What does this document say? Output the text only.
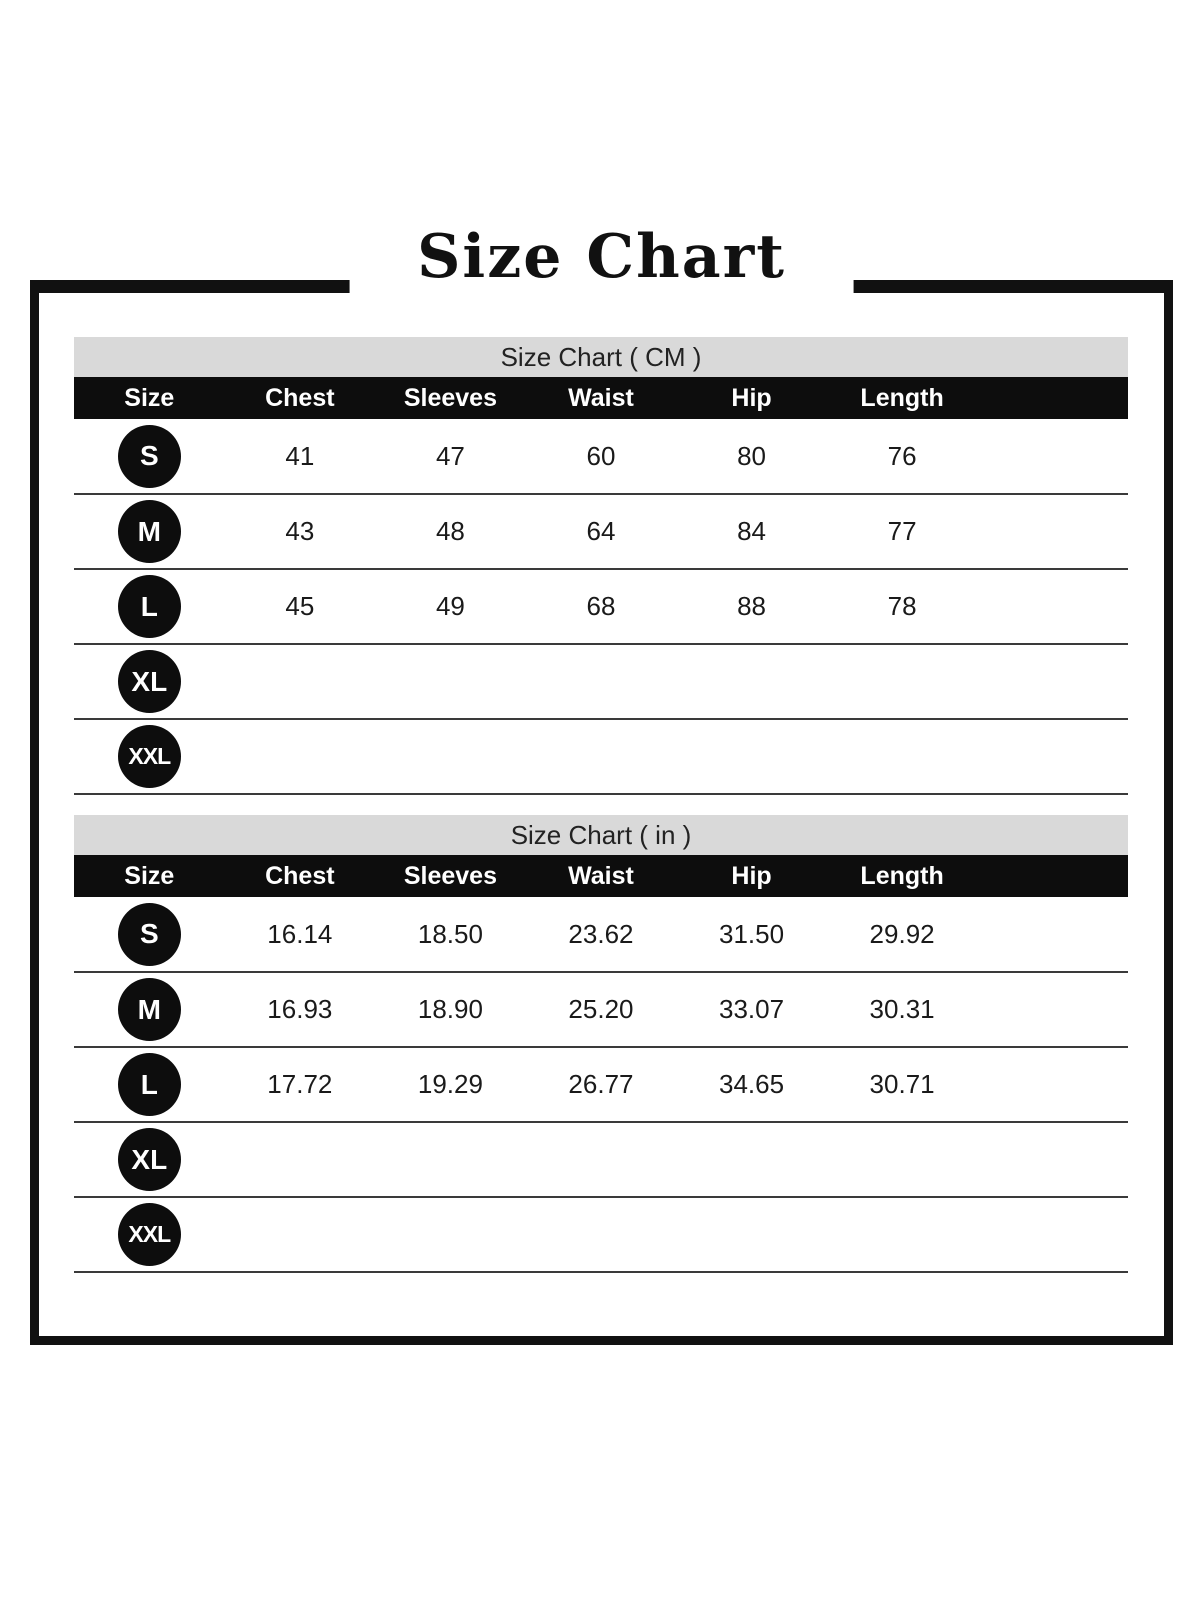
Size Chart
Size Chart ( CM )						
Size	Chest	Sleeves	Waist	Hip	Length	

S	41	47	60	80	76	

M	43	48	64	84	77	

L	45	49	68	88	78	

XL						

XXL						

Size Chart ( in )						
Size	Chest	Sleeves	Waist	Hip	Length	

S	16.14	18.50	23.62	31.50	29.92	

M	16.93	18.90	25.20	33.07	30.31	

L	17.72	19.29	26.77	34.65	30.71	

XL						

XXL						
